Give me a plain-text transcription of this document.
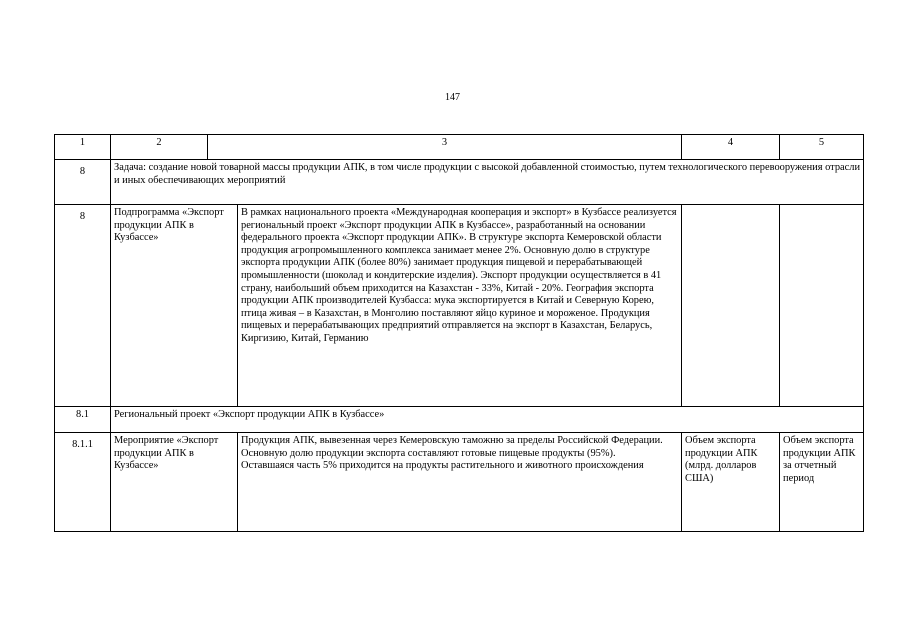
147
1	2	3		4	5
8	Задача: создание новой товарной массы продукции АПК, в том числе продукции с высокой добавленной стоимостью, путем технологического перевооружения отрасли и иных обеспечивающих мероприятий				
8	Подпрограмма «Экспорт продукции АПК в Кузбассе»		В рамках национального проекта «Международная кооперация и экспорт» в Кузбассе реализуется региональный проект «Экспорт продукции АПК в Кузбассе», разработанный на основании федерального проекта «Экспорт продукции АПК». В структуре экспорта Кемеровской области продукция агропромышленного комплекса занимает менее 2%. Основную долю в структуре экспорта продукции АПК (более 80%) занимает продукция пищевой и перерабатывающей промышленности (шоколад и кондитерские изделия). Экспорт продукции осуществляется в 41 страну, наибольший объем приходится на Казахстан - 33%, Китай - 20%. География экспорта продукции АПК производителей Кузбасса: мука экспортируется в Китай и Северную Корею, птица живая – в Казахстан, в Монголию поставляют яйцо куриное и мороженое. Продукция пищевых и перерабатывающих предприятий отправляется на экспорт в Казахстан, Беларусь, Киргизию, Китай, Германию		
8.1	Региональный проект «Экспорт продукции АПК в Кузбассе»				
8.1.1	Мероприятие «Экспорт продукции АПК в Кузбассе»		Продукция АПК, вывезенная через Кемеровскую таможню за пределы Российской Федерации.
Основную долю продукции экспорта составляют готовые пищевые продукты (95%).
Оставшаяся часть 5% приходится на продукты растительного и животного происхождения	Объем экспорта продукции АПК (млрд. долларов США)	Объем экспорта продукции АПК за отчетный период
